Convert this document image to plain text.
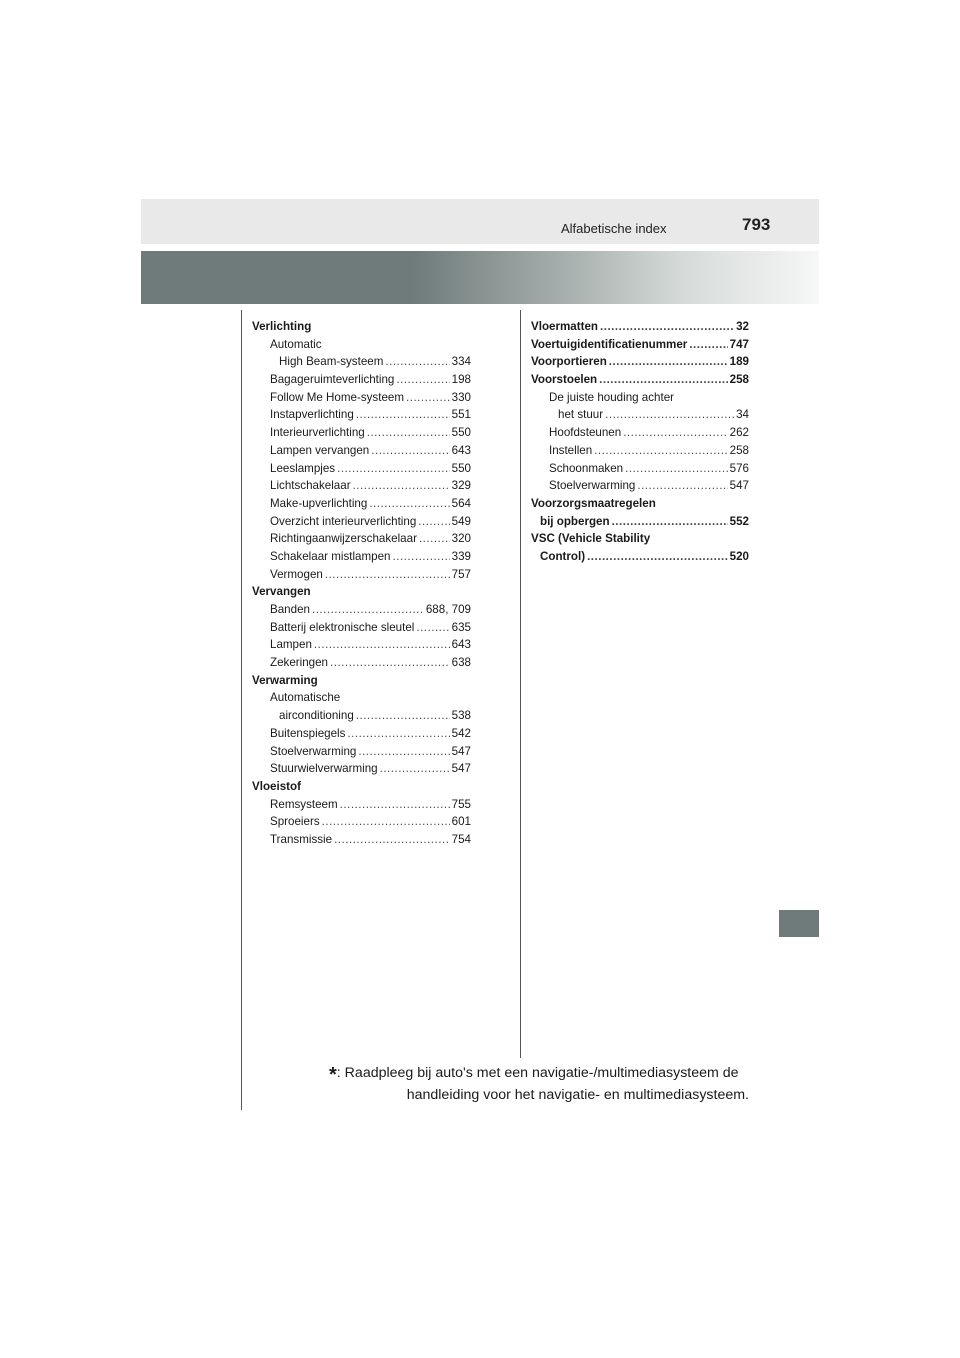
Alfabetische index	793
Verlichting
Automatic
High Beam-systeem .....	334
Bagageruimteverlichting .....	198
Follow Me Home-systeem .....	330
Instapverlichting .....	551
Interieurverlichting .....	550
Lampen vervangen .....	643
Leeslampjes .....	550
Lichtschakelaar .....	329
Make-upverlichting .....	564
Overzicht interieurverlichting .....	549
Richtingaanwijzerschakelaar .....	320
Schakelaar mistlampen .....	339
Vermogen .....	757
Vervangen
Banden .....	688, 709
Batterij elektronische sleutel .....	635
Lampen .....	643
Zekeringen .....	638
Verwarming
Automatische
airconditioning .....	538
Buitenspiegels .....	542
Stoelverwarming .....	547
Stuurwielverwarming .....	547
Vloeistof
Remsysteem .....	755
Sproeiers .....	601
Transmissie .....	754
Vloermatten .....	32
Voertuigidentificatienummer .....	747
Voorportieren .....	189
Voorstoelen .....	258
De juiste houding achter
het stuur .....	34
Hoofdsteunen .....	262
Instellen .....	258
Schoonmaken .....	576
Stoelverwarming .....	547
Voorzorgsmaatregelen
bij opbergen .....	552
VSC (Vehicle Stability
Control) .....	520
*: Raadpleeg bij auto's met een navigatie-/multimediasysteem de
handleiding voor het navigatie- en multimediasysteem.
